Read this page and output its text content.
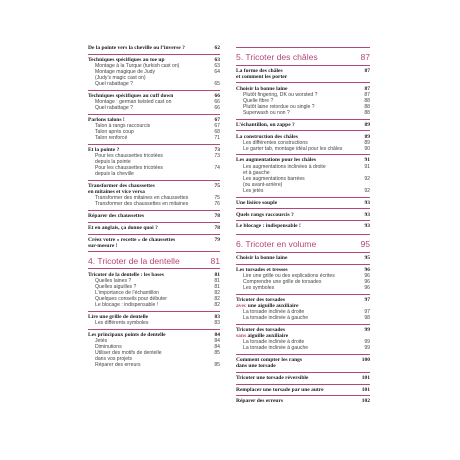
De la pointe vers la cheville ou l’inverse ?	62
Techniques spécifiques au toe up	63
Montage à la Turque (turkish cast on)	63
Montage magique de Judy
(Judy’s magic cast on)
64
Quel rabattage ?	65
Techniques spécifiques au cuff down	66
Montage : german twisted cast on	66
Quel rabattage ?	66
Parlons talons !	67
Talon à rangs raccourcis	67
Talon après coup	68
Talon renforcé	71
Et la pointe ?	73
Pour les chaussettes tricotées
depuis la pointe
73
Pour les chaussettes tricotées
depuis la cheville
74
Transformer des chaussettes
en mitaines et vice versa
75
Transformer des mitaines en chaussettes	75
Transformer des chaussettes en mitaines	76
Réparer des chaussettes	78
Et en anglais, ça donne quoi ?	78
Créez votre « recette » de chaussettes
sur-mesure !
79
4. Tricoter de la dentelle	81
Tricoter de la dentelle : les bases	81
Quelles laines ?	81
Quelles aiguilles ?	81
L’importance de l’échantillon	82
Quelques conseils pour débuter	82
Le blocage : indispensable !	82
Lire une grille de dentelle	83
Les différents symboles	83
Les principaux points de dentelle	84
Jetés	84
Diminutions	84
Utiliser des motifs de dentelle
dans vos projets
85
Réparer des erreurs	85
5. Tricoter des châles	87
La forme des châles
et comment les porter
87
Choisir la bonne laine	87
Plutôt fingering, DK ou worsted ?	87
Quelle fibre ?	88
Plutôt laine retordue ou single ?	88
Superwash ou non ?	88
L’échantillon, on zappe ?	89
La construction des châles	89
Les différentes constructions	89
Le garter tab, montage idéal pour les châles	90
Les augmentations pour les châles	91
Les augmentations inclinées à droite
et à gauche
91
Les augmentations barrées
(ou avant-arrière)
92
Les jetés	92
Une lisière souple	93
Quels rangs raccourcis ?	93
Le blocage : indispensable !	93
6. Tricoter en volume	95
Choisir la bonne laine	95
Les torsades et tresses	96
Lire une grille ou des explications écrites	96
Comprendre une grille de torsades	96
Les symboles	96
Tricoter des torsades
avec une aiguille auxiliaire
97
La torsade inclinée à droite	97
La torsade inclinée à gauche	98
Tricoter des torsades
sans aiguille auxiliaire
99
La torsade inclinée à droite	99
La torsade inclinée à gauche	99
Comment compter les rangs
dans une torsade
100
Tricoter une torsade réversible	101
Remplacer une torsade par une autre	101
Réparer des erreurs	102
